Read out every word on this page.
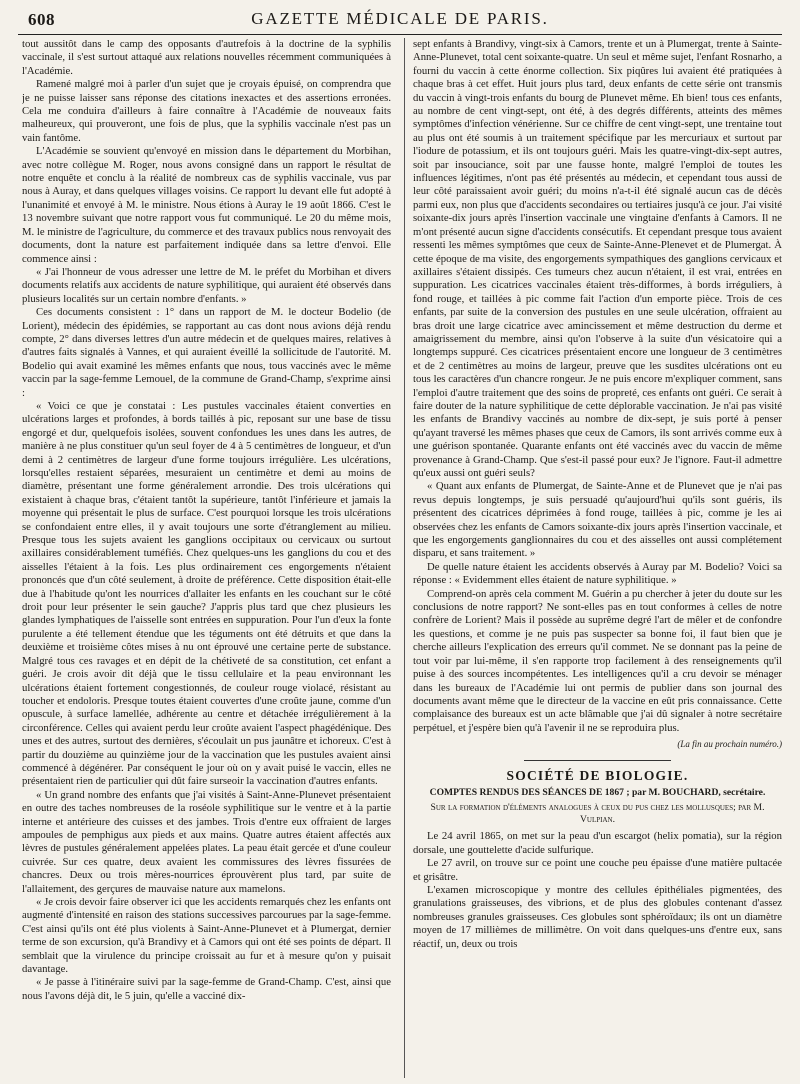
608	GAZETTE MÉDICALE DE PARIS.

tout aussitôt dans le camp des opposants d'autrefois à la doctrine de la syphilis vaccinale, il s'est surtout attaqué aux relations nouvelles récemment communiquées à l'Académie.

Ramené malgré moi à parler d'un sujet que je croyais épuisé, on comprendra que je ne puisse laisser sans réponse des citations inexactes et des assertions erronées. Cela me conduira d'ailleurs à faire connaître à l'Académie de nouveaux faits malheureux, qui prouveront, une fois de plus, que la syphilis vaccinale n'est pas un vain fantôme.

L'Académie se souvient qu'envoyé en mission dans le département du Morbihan, avec notre collègue M. Roger, nous avons consigné dans un rapport le résultat de notre enquête et conclu à la réalité de nombreux cas de syphilis vaccinale, vus par nous à Auray, et dans quelques villages voisins. Ce rapport lu devant elle fut adopté à l'unanimité et envoyé à M. le ministre. Nous étions à Auray le 19 août 1866. C'est le 13 novembre suivant que notre rapport vous fut communiqué. Le 20 du même mois, M. le ministre de l'agriculture, du commerce et des travaux publics nous renvoyait des documents, dont la nature est parfaitement indiquée dans sa lettre d'envoi. Elle commence ainsi :

« J'ai l'honneur de vous adresser une lettre de M. le préfet du Morbihan et divers documents relatifs aux accidents de nature syphilitique, qui auraient été observés dans plusieurs localités sur un certain nombre d'enfants. »

Ces documents consistent : 1° dans un rapport de M. le docteur Bodelio (de Lorient), médecin des épidémies, se rapportant au cas dont nous avions déjà rendu compte, 2° dans diverses lettres d'un autre médecin et de quelques maires, relatives à d'autres faits signalés à Vannes, et qui auraient éveillé la sollicitude de l'autorité. M. Bodelio qui avait examiné les mêmes enfants que nous, tous vaccinés avec le même vaccin par la sage-femme Lemouel, de la commune de Grand-Champ, s'exprime ainsi :

« Voici ce que je constatai : Les pustules vaccinales étaient converties en ulcérations larges et profondes, à bords taillés à pic, reposant sur une base de tissu engorgé et dur, quelquefois isolées, souvent confondues les unes dans les autres, de manière à ne plus constituer qu'un seul foyer de 4 à 5 centimètres de longueur, et d'un demi à 2 centimètres de largeur d'une forme toujours irrégulière. Les ulcérations, lorsqu'elles restaient séparées, mesuraient un centimètre et demi au moins de diamètre, présentant une forme généralement arrondie. Des trois ulcérations qui existaient à chaque bras, c'étaient tantôt la supérieure, tantôt l'inférieure et jamais la moyenne qui présentait le plus de surface. C'est pourquoi lorsque les trois ulcérations se confondaient entre elles, il y avait toujours une sorte d'étranglement au milieu. Presque tous les sujets avaient les ganglions occipitaux ou cervicaux ou surtout axillaires considérablement tuméfiés. Chez quelques-uns les ganglions du cou et des aisselles l'étaient à la fois. Les plus ordinairement ces engorgements n'étaient prononcés que d'un côté seulement, à droite de préférence. Cette disposition était-elle due à l'habitude qu'ont les nourrices d'allaiter les enfants en les couchant sur le côté droit pour leur présenter le sein gauche? J'appris plus tard que chez plusieurs les glandes lymphatiques de l'aisselle sont entrées en suppuration. Pour l'un d'eux la fonte purulente a été tellement étendue que les téguments ont été détruits et que dans la deuxième et troisième côtes mises à nu ont éprouvé une certaine perte de substance. Malgré tous ces ravages et en dépit de la chétiveté de sa constitution, cet enfant a guéri. Je crois avoir dit déjà que le tissu cellulaire et la peau environnant les ulcérations étaient fortement congestionnés, de couleur rouge violacé, résistant au toucher et endoloris. Presque toutes étaient couvertes d'une croûte jaune, comme d'un opuscule, à surface lamellée, adhérente au centre et détachée irrégulièrement à la circonférence. Celles qui avaient perdu leur croûte avaient l'aspect phagédénique. Des unes et des autres, surtout des dernières, s'écoulait un pus jaunâtre et ichoreux. C'est à partir du douzième au quinzième jour de la vaccination que les pustules avaient ainsi commencé à dégénérer. Par conséquent le jour où on y avait puisé le vaccin, elles ne présentaient rien de particulier qui dût faire surseoir la vaccination d'autres enfants.

« Un grand nombre des enfants que j'ai visités à Saint-Anne-Plunevet présentaient en outre des taches nombreuses de la roséole syphilitique sur le ventre et à la partie interne et antérieure des cuisses et des jambes. Trois d'entre eux offraient de larges ampoules de pemphigus aux pieds et aux mains. Quatre autres étaient affectés aux lèvres de pustules généralement appelées plates. La peau était gercée et d'une couleur cuivrée. Sur ces quatre, deux avaient les commissures des lèvres fissurées de chancres. Deux ou trois mères-nourrices éprouvèrent plus tard, par suite de l'allaitement, des gerçures de mauvaise nature aux mamelons.

« Je crois devoir faire observer ici que les accidents remarqués chez les enfants ont augmenté d'intensité en raison des stations successives parcourues par la sage-femme. C'est ainsi qu'ils ont été plus violents à Saint-Anne-Plunevet et à Plumergat, dernier terme de son excursion, qu'à Brandivy et à Camors qui ont été ses points de départ. Il semblait que la virulence du principe croissait au fur et à mesure qu'on y puisait davantage.

« Je passe à l'itinéraire suivi par la sage-femme de Grand-Champ. C'est, ainsi que nous l'avons déjà dit, le 5 juin, qu'elle a vacciné dix-

sept enfants à Brandivy, vingt-six à Camors, trente et un à Plumergat, trente à Sainte-Anne-Plunevet, total cent soixante-quatre. Un seul et même sujet, l'enfant Rosnarho, a fourni du vaccin à cette énorme collection. Six piqûres lui avaient été pratiquées à chaque bras à cet effet. Huit jours plus tard, deux enfants de cette série ont transmis du vaccin à vingt-trois enfants du bourg de Plunevet même. Eh bien! tous ces enfants, au nombre de cent vingt-sept, ont été, à des degrés différents, atteints des mêmes symptômes d'infection vénérienne. Sur ce chiffre de cent vingt-sept, une trentaine tout au plus ont été soumis à un traitement spécifique par les mercuriaux et surtout par l'iodure de potassium, et ils ont toujours guéri. Mais les quatre-vingt-dix-sept autres, soit par insouciance, soit par une fausse honte, malgré l'emploi de toutes les influences légitimes, n'ont pas été présentés au médecin, et cependant tous aussi de leur côté paraissaient avoir guéri; du moins n'a-t-il été signalé aucun cas de décès parmi eux, non plus que d'accidents secondaires ou tertiaires jusqu'à ce jour. J'ai visité soixante-dix jours après l'insertion vaccinale une vingtaine d'enfants à Camors. Il ne m'ont présenté aucun signe d'accidents consécutifs. Et cependant presque tous avaient ressenti les mêmes symptômes que ceux de Sainte-Anne-Plenevet et de Plumergat. À cette époque de ma visite, des engorgements sympathiques des ganglions cervicaux et axillaires s'étaient dissipés. Ces tumeurs chez aucun n'étaient, il est vrai, entrées en suppuration. Les cicatrices vaccinales étaient très-difformes, à bords irréguliers, à fond rouge, et taillées à pic comme fait l'action d'un emporte pièce. Trois de ces enfants, par suite de la conversion des pustules en une seule ulcération, offraient au bras droit une large cicatrice avec amincissement et même destruction du derme et amaigrissement du membre, ainsi qu'on l'observe à la suite d'un vésicatoire qui a longtemps suppuré. Ces cicatrices présentaient encore une longueur de 3 centimètres et de 2 centimètres au moins de largeur, preuve que les susdites ulcérations ont eu tous les caractères d'un chancre rongeur. Je ne puis encore m'expliquer comment, sans l'emploi d'autre traitement que des soins de propreté, ces enfants ont guéri. Ce serait à faire douter de la nature syphilitique de cette déplorable vaccination. Je n'ai pas visité les enfants de Brandivy vaccinés au nombre de dix-sept, je suis porté à penser qu'ayant traversé les mêmes phases que ceux de Camors, ils sont arrivés comme eux à une guérison spontanée. Quarante enfants ont été vaccinés avec du vaccin de même provenance à Grand-Champ. Que s'est-il passé pour eux? Je l'ignore. Faut-il admettre qu'eux aussi ont guéri seuls?

« Quant aux enfants de Plumergat, de Sainte-Anne et de Plunevet que je n'ai pas revus depuis longtemps, je suis persuadé qu'aujourd'hui qu'ils sont guéris, ils présentent des cicatrices déprimées à fond rouge, taillées à pic, comme je les ai observées chez les enfants de Camors soixante-dix jours après l'insertion vaccinale, et que les engorgements ganglionnaires du cou et des aisselles ont aussi complétement disparu, et sans traitement. »

De quelle nature étaient les accidents observés à Auray par M. Bodelio? Voici sa réponse : « Evidemment elles étaient de nature syphilitique. »

Comprend-on après cela comment M. Guérin a pu chercher à jeter du doute sur les conclusions de notre rapport? Ne sont-elles pas en tout conformes à celles de notre confrère de Lorient? Mais il possède au suprême degré l'art de mêler et de confondre les questions, et comme je ne puis pas suspecter sa bonne foi, il faut bien que je cherche ailleurs l'explication des erreurs qu'il commet. Ne se donnant pas la peine de tout voir par lui-même, il s'en rapporte trop facilement à des renseignements qu'il puise à des sources incompétentes. Les intelligences qu'il a cru devoir se ménager dans les bureaux de l'Académie lui ont permis de publier dans son journal des documents avant même que le directeur de la vaccine en eût pris connaissance. Cette complaisance des bureaux est un acte blâmable que j'ai dû signaler à notre secrétaire perpétuel, et j'espère bien qu'à l'avenir il ne se reproduira plus.

(La fin au prochain numéro.)

SOCIÉTÉ DE BIOLOGIE.
COMPTES RENDUS DES SÉANCES DE 1867 ; par M. BOUCHARD, secrétaire.
Sur la formation d'éléments analogues à ceux du pus chez les mollusques; par M. Vulpian.

Le 24 avril 1865, on met sur la peau d'un escargot (helix pomatia), sur la région dorsale, une gouttelette d'acide sulfurique.

Le 27 avril, on trouve sur ce point une couche peu épaisse d'une matière pultacée et grisâtre.

L'examen microscopique y montre des cellules épithéliales pigmentées, des granulations graisseuses, des vibrions, et de plus des globules contenant d'assez nombreuses granules graisseuses. Ces globules sont sphéroïdaux; ils ont un diamètre moyen de 17 millièmes de millimètre. On voit dans quelques-uns d'entre eux, sans réactif, un, deux ou trois
